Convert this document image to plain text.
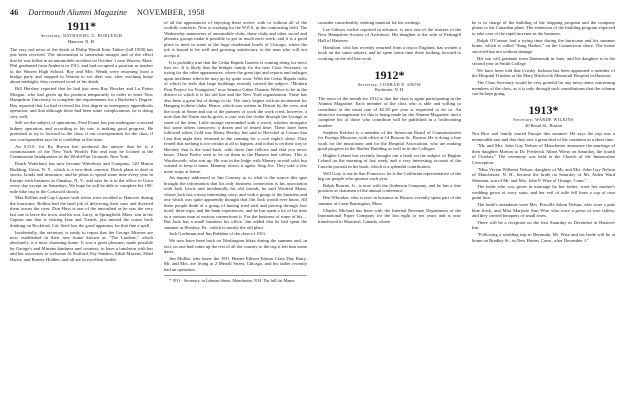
46 Dartmouth Alumni Magazine NOVEMBER, 1958
1911*
Secretary, NATHANIEL G. BURLEIGH
Hanover, N. H.

The very sad news of the death of Philip Wendt Kent Tinker (fall 1958) has just been received. The information is somewhat meager and of the effect that he was killed in an automobile accident on October 1 near Warren, Mass. Phil graduated from Amherst in 1911, and had occupied a position as teacher in the Warren High School. Roy and Mrs. Wendt were returning from a bridge party and stopped in Warren to see their son, after reaching home about midnight, they received word of his death.

Bill Hershey reported that he had just seen Ray Bowker and Lu Potter Morgan, who had given up his position temporarily in order to enter New Hampshire University to complete the requirements for a Bachelor's Degree. Ray reported that Lu had received his first degree as emergency appendicitis operation, and that although there had been some complications, he is doing very well.

Still on the subject of operations, Fred Evans has just undergone a second kidney operation, and according to his son, is making good progress. He promised to try to forward to the class, if our correspondent for the class, if our correspondent says he is confident at this time.

An S.O.S. for Ky Brown has produced the answer that he is a commissioner of the New York World's Fair and may be located at the Commission headquarters in the World-Fair Grounds, New York.

Dutch Waterbury has now become Waterbury and Company, 120 Mason Building, Utica, N. Y., which is a two-desk concern. Dutch plans to deal in stocks, bonds and insurance, and he plans to spend some time every year in Europe with business in Omakay, N. Y., and says he is in the office in Utica every day except on Saturdays. We hope he will be able to complete his 100-mile bike trip in the Cotswold shortly.

Max Rollins and Cap Capron with wives were recalled to Hanover during the hurricane. Rollins had the hard job of delivering their sons and diverted them across the river. Don Hoyt is one of the unscathed as he was the very last one to leave the town, and his son, Larry, in Springfield, Mass. was in the Capron one that is visiting Jane and Trench, just missed the cruise back thinking on Rockford, Cal. Steel lost the good apparatus for that fine a spell.

Incidentally, the secretary is ready to report that the George Mirrens are now established in their new home known as "The Lindens," which absolutely is a most charming home. It was a great pleasure, made possible by George's and Mirrens kindness and courtesy, to have a luncheon with her and her associates to welcome Al Stafford, Fay Sanders, Edith Mirrens, Ethel Harris, and Barney Holden, and all are in excellent health.

of all the appearances of enjoying these active, with or without all of the worldly comforts. Now is working for the W.P.A. in the contracting field. The Wednesday maneuvers of automobile clubs, these clubs and other social and phoenix groups make it possible to get in touch each week, and it is a good place to meet in some of the large residential hotels of Chicago, where the job is bound to be well and growing satisfactory to the man who will not accept it.

It is probably true that the Cedar Rapids Gazette is coming along for news lists etc. It is likely that the bridges family for the new Class Secretary, in trying for the other appearances, where the great tips and reports and enlarges upon incidents which he may go by quite soon. With the Cedar Rapids radio of which he feels that large buildings recently carried the subject. "Modern Peas Project for Youngsters" now Senator Cabot Thomas Weltver to be in the district to which it is his old line and the New York organization. There has also been a great list of things to do. The story begins with an incitement for Hanging in these clubs. Hence, which was written in Detroit by the crew, and the work in Some and out of the partners of work the work cried, however, a note that the Norm trucks gives, a case was the clothe through the Lounge at some of the time. Little storage surrounded with a wood, window mosquito but some others tomorrow a dozen and of tested time. These have been followed when, Cold was Henry Hershy, but said to Herschel at Cowan that Liza that night they returned to the canning for a cool night's sleep. They feared that nothing is too certain at all to happen, and it that is on their way to Hershey that is the road back, with those fine fellows and that you never know. Those Parlor seen to be on them in the Hanson had cellars. This is Wordsworth, who was up. He was in the lodge with Mamey in mid cold, but wanted to keep it mum. Mammy shows it again. Sing Joe. They take a few more stops at home.

An inquiry addressed to Jim Conway as to what is the source this spur brought the information that his only business connection is his association with Jack Lewis and incidentally his old friends, he said Winfred Mann, whose Jack has a most interesting story, and with a group of the business and one which was quite apparently thought that Jim Jack would ever know. All these people think of a group of having tried rails and piecing through four hotel, three trips, and the bank experiences, and he has spent a lot of his time as a various man at various connections it. For the business of some of his ... But Jack has a small business his office. Jim added that he had spent the summer at Hershey, Pa., which is mostly the old place.

Jack Gochman and Jim Robbins of the class of 1911.

We now have been back on Washington hikes during the summer and, in fact, no one had come up the rest of all the country to the trip it left him some dates.

Jim Mullin, who knew the 1911 Homer Edison Edison Class Day Barry, Mr. and Mrs. are living at 2 Merrill Street, Chicago, and his father recently had an operation.

* 1911 - Secretary, in Lehman Street, Manchester, N.H. The full list Manor

consider considerably, seeking material for his writings.

Lee Gibson, earlier reported in advance, is now one of the trustees of the New Hampshire Society of Architects. His daughter is the wife of Pettingill Hall of Hanover.

Hamilton, who has recently returned from a trip to England, has written a book on the same subject, and he spent some time there looking forward to working on the old line work.

1912*
Secretary, CONRAD E. SNOW
Rochester, N. H.

The news of the month for 1912 is that the class is again participating in the Alumni Magazine. Each member of the class who is able and willing to contribute at the usual rate of $2.50 per year is requested to do so. An attractive arrangement for this is being made by the Alumni Magazine, and a complete list of those who contribute will be published in a forthcoming number.

Stephen Kelcher is a member of the American Board of Commissioners for Foreign Missions, with office at 14 Beacon St., Boston. He is doing a fine work for the missionary and for the Hospital Association, who are making good progress in the Shelter Building as well as in the Colleges.

Hughie Leland has recently brought out a book on the subject of Hughie Leland on the morning of last week, and a very interesting account of the Lincoln portrait in his book, which is a splendid contribution.

Will Gray is out in San Francisco; he is the California representative of the big car people who sponsor each year.

Ralph Bourne, Jr., is now with the Anderson Company, and he has a fine position as chairman of the annual conference.

Ben Whitaker, who is now in business in Boston, recently spent part of the summer at Great Barrington, Mass.

Charles Michael has been with the Internal Revenue Department of the International Paper Company for the last eight or ten years and is now transferred to Montreal, Canada, where

he is in charge of the building of the shipping program and the company plants to the Canadian plant. The extension of the building program expected to take care of the rapid increase in the business.

Ralph O'Connor had a trying time during the hurricane and his summer home, which is called "Snug Harbor," on the Connecticut shore. The house survived but not without damage.

His son will graduate from Dartmouth in June, and his daughter is in the second year at Smith College.

We have been told that Crosby Jackson has been appointed a member of the Hospital Trustees at the Mary Hitchcock Memorial Hospital in Hanover.

The Class Secretary would be very grateful for any news items concerning members of the class, as it is only through such contributions that the column can be kept going.

1913*
Secretary, WARDE WILKINS
40 Broad St., Boston

Not Rice and family toured Europe this summer. He says the trip was a memorable one and that they saw a great deal of the continent in a short time.

"Mr. and Mrs. John Guy Nelson of Manchester announce the marriage of their daughter Marion to Dr. Frederick Albert Wiese on Saturday, the fourth of October." The ceremony was held in the Church of the Immaculate Conception.

"Miss Vivian Wilhemi Nelson, daughter of Mr. and Mrs. John Guy Nelson of Manchester, N. H., became the bride on Saturday of Mr. Alden Ward Sherman, son of Mr. and Mrs. John P. Wise of Orange, Conn."

The bride who was given in marriage by her father, wore her mother's wedding gown of ivory satin, and her veil of tulle fell from a cap of rose point lace.

The bride's attendants were Mrs. Priscilla Aiken Nelson, who wore a pale blue frock, and Miss Marjorie Ann Wise who wore a gown of rose taffeta, and they carried bouquets of small roses.

There will be a reception on the first Saturday in December at Hanover Inn.

"Following a wedding trip to Bermuda, Mr. Wise and his bride will be at home on Bradley St., in New Haven, Conn., after December 1."
